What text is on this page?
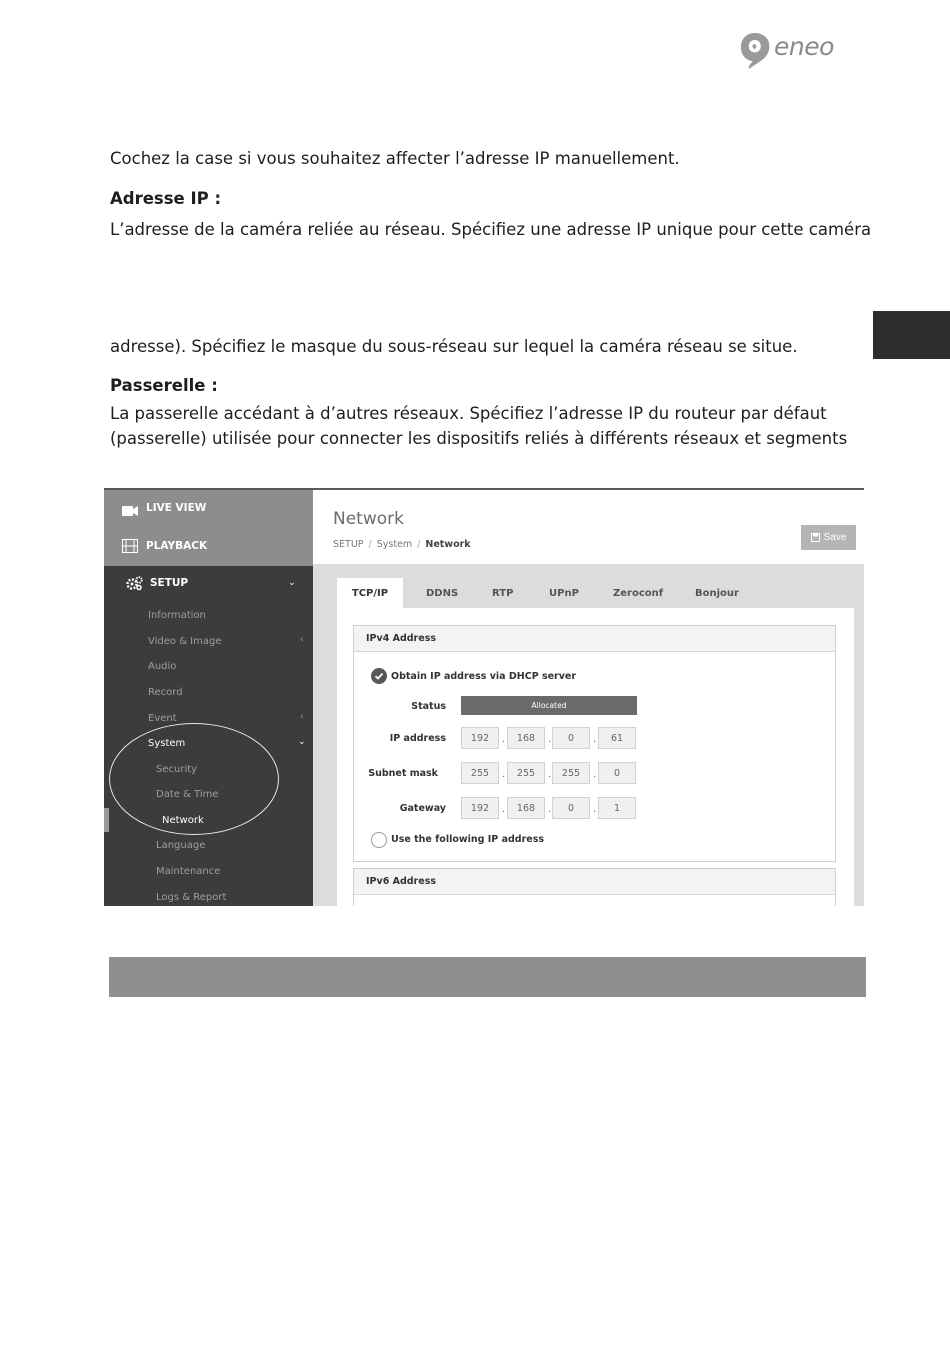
eneo
Cochez la case si vous souhaitez affecter l’adresse IP manuellement.
Adresse IP :
L’adresse de la caméra reliée au réseau. Spécifiez une adresse IP unique pour cette caméra
adresse). Spécifiez le masque du sous-réseau sur lequel la caméra réseau se situe.
Passerelle :
La passerelle accédant à d’autres réseaux. Spécifiez l’adresse IP du routeur par défaut
(passerelle) utilisée pour connecter les dispositifs reliés à différents réseaux et segments
LIVE VIEW
PLAYBACK
SETUP	⌄
Information
Video & Image	‹
Audio
Record
Event	‹
System	⌄
Security
Date & Time
Network
Language
Maintenance
Logs & Report
Network
SETUP / System / Network
Save
TCP/IP	DDNS	RTP	UPnP	Zeroconf	Bonjour
IPv4 Address
Obtain IP address via DHCP server
Status	Allocated
IP address	192	.	168	.	0	.	61
Subnet mask	255	.	255	.	255	.	0
Gateway	192	.	168	.	0	.	1
Use the following IP address
IPv6 Address
